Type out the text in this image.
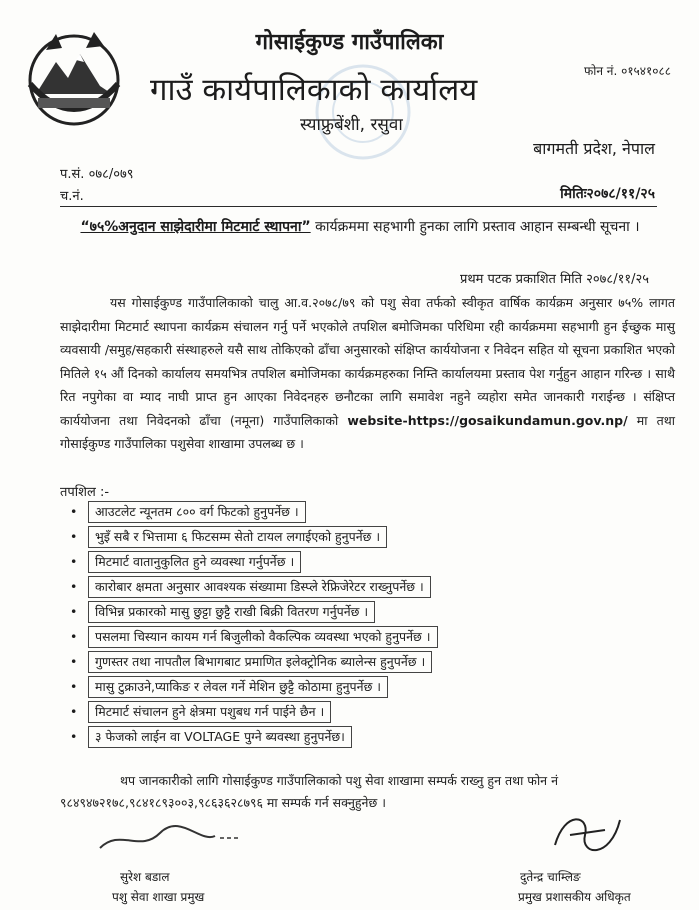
गोसाईकुण्ड गाउँपालिका
गाउँ कार्यपालिकाको कार्यालय
स्याफ्रुबेंशी, रसुवा
फोन नं. ०१५४१०८८
बागमती प्रदेश, नेपाल
प.सं. ०७८/०७९
च.नं.	मितिः२०७८/११/२५
“७५%अनुदान साझेदारीमा मिटमार्ट स्थापना” कार्यक्रममा सहभागी हुनका लागि प्रस्ताव आहान सम्बन्धी सूचना ।
प्रथम पटक प्रकाशित मिति २०७८/११/२५
यस गोसाईकुण्ड गाउँपालिकाको चालु आ.व.२०७८/७९ को पशु सेवा तर्फको स्वीकृत वार्षिक कार्यक्रम अनुसार ७५% लागत साझेदारीमा मिटमार्ट स्थापना कार्यक्रम संचालन गर्नु पर्ने भएकोले तपशिल बमोजिमका परिधिमा रही कार्यक्रममा सहभागी हुन ईच्छुक मासु व्यवसायी /समुह/सहकारी संस्थाहरुले यसै साथ तोकिएको ढाँचा अनुसारको संक्षिप्त कार्ययोजना र निवेदन सहित यो सूचना प्रकाशित भएको मितिले १५ औं दिनको कार्यालय समयभित्र तपशिल बमोजिमका कार्यक्रमहरुका निम्ति कार्यालयमा प्रस्ताव पेश गर्नुहुन आहान गरिन्छ । साथै रित नपुगेका वा म्याद नाघी प्राप्त हुन आएका निवेदनहरु छनौटका लागि समावेश नहुने व्यहोरा समेत जानकारी गराईन्छ । संक्षिप्त कार्ययोजना तथा निवेदनको ढाँचा (नमूना) गाउँपालिकाको website-https://gosaikundamun.gov.np/ मा तथा गोसाईकुण्ड गाउँपालिका पशुसेवा शाखामा उपलब्ध छ ।
तपशिल :-
• आउटलेट न्यूनतम ८०० वर्ग फिटको हुनुपर्नेछ ।
• भुइँ सबै र भित्तामा ६ फिटसम्म सेतो टायल लगाईएको हुनुपर्नेछ ।
• मिटमार्ट वातानुकुलित हुने व्यवस्था गर्नुपर्नेछ ।
• कारोबार क्षमता अनुसार आवश्यक संख्यामा डिस्प्ले रेफ्रिजेरेटर राख्नुपर्नेछ ।
• विभिन्न प्रकारको मासु छुट्टा छुट्टै राखी बिक्री वितरण गर्नुपर्नेछ ।
• पसलमा चिस्यान कायम गर्न बिजुलीको वैकल्पिक व्यवस्था भएको हुनुपर्नेछ ।
• गुणस्तर तथा नापतौल बिभागबाट प्रमाणित इलेक्ट्रोनिक ब्यालेन्स हुनुपर्नेछ ।
• मासु टुक्राउने,प्याकिङ र लेवल गर्ने मेशिन छुट्टै कोठामा हुनुपर्नेछ ।
• मिटमार्ट संचालन हुने क्षेत्रमा पशुबध गर्न पाईने छैन ।
• ३ फेजको लाईन वा VOLTAGE पुग्ने ब्यवस्था हुनुपर्नेछ।
थप जानकारीको लागि गोसाईकुण्ड गाउँपालिकाको पशु सेवा शाखामा सम्पर्क राख्नु हुन तथा फोन नं ९८४९४७२१७८,९८४१८९३००३,९८६३६२८७९६ मा सम्पर्क गर्न सक्नुहुनेछ ।
सुरेश बडाल
पशु सेवा शाखा प्रमुख
दुतेन्द्र चाम्लिङ
प्रमुख प्रशासकीय अधिकृत
